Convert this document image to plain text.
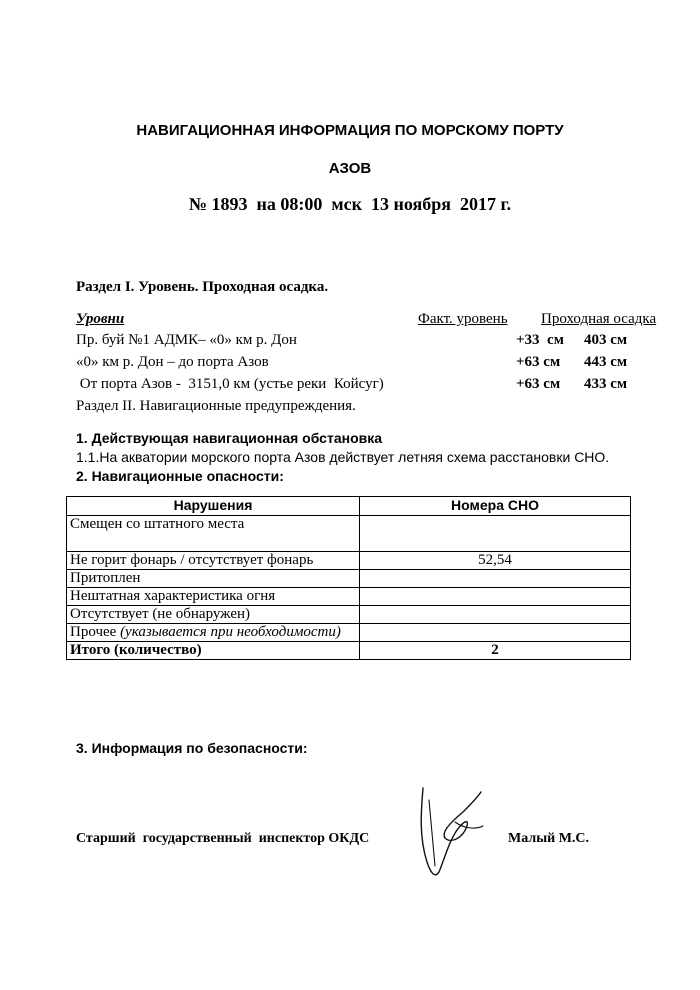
НАВИГАЦИОННАЯ ИНФОРМАЦИЯ ПО МОРСКОМУ ПОРТУ
АЗОВ
№ 1893  на 08:00  мск  13 ноября  2017 г.
Раздел I. Уровень. Проходная осадка.
Уровни	Факт. уровень Проходная осадка
Пр. буй №1 АДМК– «0» км р. Дон	+33  см 403 см
«0» км р. Дон – до порта Азов	+63 см 443 см
От порта Азов -  3151,0 км (устье реки  Койсуг)	+63 см 433 см
Раздел II. Навигационные предупреждения.
1. Действующая навигационная обстановка
1.1.На акватории морского порта Азов действует летняя схема расстановки СНО.
2. Навигационные опасности:
Нарушения	Номера СНО
Смещен со штатного места	
Не горит фонарь / отсутствует фонарь	52,54
Притоплен	
Нештатная характеристика огня	
Отсутствует (не обнаружен)	
Прочее (указывается при необходимости)	
Итого (количество)	2
3. Информация по безопасности:
Старший  государственный  инспектор ОКДС	Малый М.С.
